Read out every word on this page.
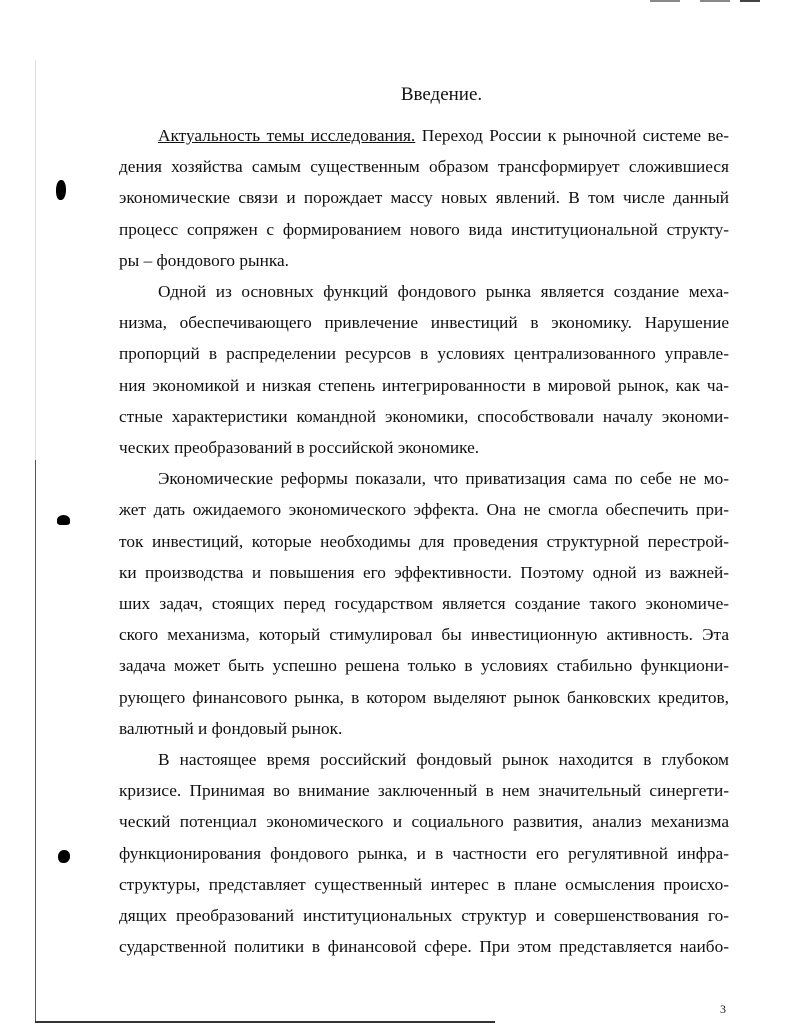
Введение.
Актуальность темы исследования. Переход России к рыночной системе ве-
дения хозяйства самым существенным образом трансформирует сложившиеся
экономические связи и порождает массу новых явлений. В том числе данный
процесс сопряжен с формированием нового вида институциональной структу-
ры – фондового рынка.
Одной из основных функций фондового рынка является создание меха-
низма, обеспечивающего привлечение инвестиций в экономику. Нарушение
пропорций в распределении ресурсов в условиях централизованного управле-
ния экономикой и низкая степень интегрированности в мировой рынок, как ча-
стные характеристики командной экономики, способствовали началу экономи-
ческих преобразований в российской экономике.
Экономические реформы показали, что приватизация сама по себе не мо-
жет дать ожидаемого экономического эффекта. Она не смогла обеспечить при-
ток инвестиций, которые необходимы для проведения структурной перестрой-
ки производства и повышения его эффективности. Поэтому одной из важней-
ших задач, стоящих перед государством является создание такого экономиче-
ского механизма, который стимулировал бы инвестиционную активность. Эта
задача может быть успешно решена только в условиях стабильно функциони-
рующего финансового рынка, в котором выделяют рынок банковских кредитов,
валютный и фондовый рынок.
В настоящее время российский фондовый рынок находится в глубоком
кризисе. Принимая во внимание заключенный в нем значительный синергети-
ческий потенциал экономического и социального развития, анализ механизма
функционирования фондового рынка, и в частности его регулятивной инфра-
структуры, представляет существенный интерес в плане осмысления происхо-
дящих преобразований институциональных структур и совершенствования го-
сударственной политики в финансовой сфере. При этом представляется наибо-
3
